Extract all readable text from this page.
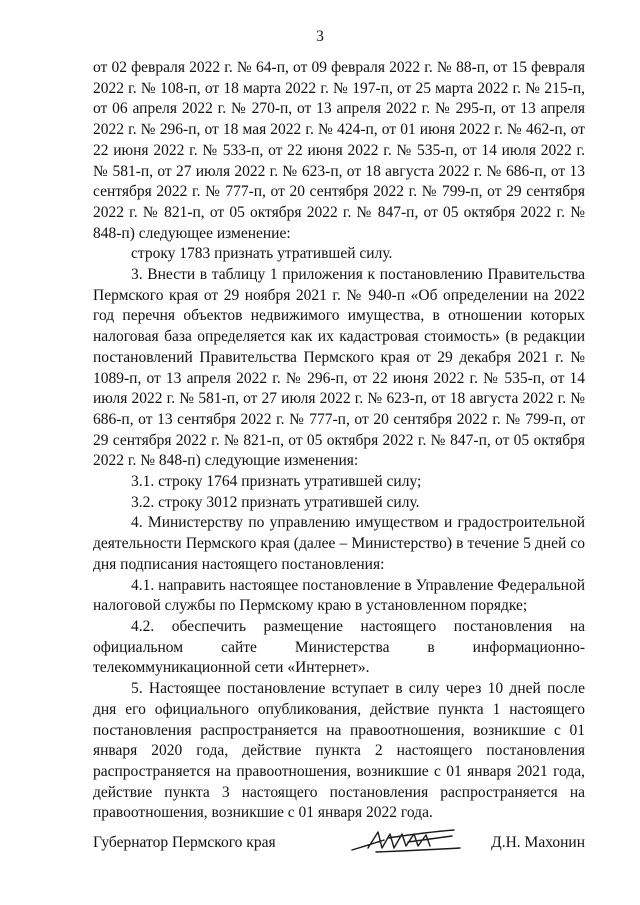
3

от 02 февраля 2022 г. № 64-п, от 09 февраля 2022 г. № 88-п, от 15 февраля 2022 г. № 108-п, от 18 марта 2022 г. № 197-п, от 25 марта 2022 г. № 215-п, от 06 апреля 2022 г. № 270-п, от 13 апреля 2022 г. № 295-п, от 13 апреля 2022 г. № 296-п, от 18 мая 2022 г. № 424-п, от 01 июня 2022 г. № 462-п, от 22 июня 2022 г. № 533-п, от 22 июня 2022 г. № 535-п, от 14 июля 2022 г. № 581-п, от 27 июля 2022 г. № 623-п, от 18 августа 2022 г. № 686-п, от 13 сентября 2022 г. № 777-п, от 20 сентября 2022 г. № 799-п, от 29 сентября 2022 г. № 821-п, от 05 октября 2022 г. № 847-п, от 05 октября 2022 г. № 848-п) следующее изменение:

строку 1783 признать утратившей силу.

3. Внести в таблицу 1 приложения к постановлению Правительства Пермского края от 29 ноября 2021 г. № 940-п «Об определении на 2022 год перечня объектов недвижимого имущества, в отношении которых налоговая база определяется как их кадастровая стоимость» (в редакции постановлений Правительства Пермского края от 29 декабря 2021 г. № 1089-п, от 13 апреля 2022 г. № 296-п, от 22 июня 2022 г. № 535-п, от 14 июля 2022 г. № 581-п, от 27 июля 2022 г. № 623-п, от 18 августа 2022 г. № 686-п, от 13 сентября 2022 г. № 777-п, от 20 сентября 2022 г. № 799-п, от 29 сентября 2022 г. № 821-п, от 05 октября 2022 г. № 847-п, от 05 октября 2022 г. № 848-п) следующие изменения:

3.1. строку 1764 признать утратившей силу;

3.2. строку 3012 признать утратившей силу.

4. Министерству по управлению имуществом и градостроительной деятельности Пермского края (далее – Министерство) в течение 5 дней со дня подписания настоящего постановления:

4.1. направить настоящее постановление в Управление Федеральной налоговой службы по Пермскому краю в установленном порядке;

4.2. обеспечить размещение настоящего постановления на официальном сайте Министерства в информационно-телекоммуникационной сети «Интернет».

5. Настоящее постановление вступает в силу через 10 дней после дня его официального опубликования, действие пункта 1 настоящего постановления распространяется на правоотношения, возникшие с 01 января 2020 года, действие пункта 2 настоящего постановления распространяется на правоотношения, возникшие с 01 января 2021 года, действие пункта 3 настоящего постановления распространяется на правоотношения, возникшие с 01 января 2022 года.

Губернатор Пермского края	Д.Н. Махонин
